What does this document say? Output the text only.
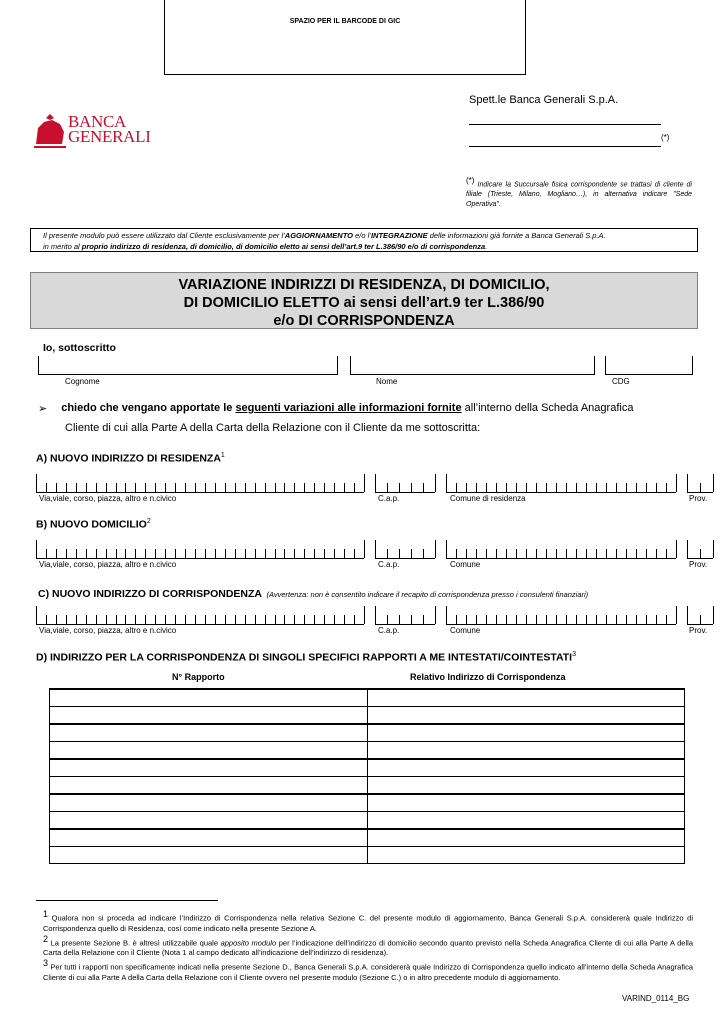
SPAZIO PER IL BARCODE DI GIC
BANCA
GENERALI
Spett.le Banca Generali S.p.A.
(*)
(*) Indicare la Succursale fisica corrispondente se trattasi di cliente di filiale (Trieste, Milano, Mogliano…), in alternativa indicare "Sede Operativa".
Il presente modulo può essere utilizzato dal Cliente esclusivamente per l’AGGIORNAMENTO e/o l’INTEGRAZIONE delle informazioni già fornite a Banca Generali S.p.A.
in merito al proprio indirizzo di residenza, di domicilio, di domicilio eletto ai sensi dell’art.9 ter L.386/90 e/o di corrispondenza.
VARIAZIONE INDIRIZZI DI RESIDENZA, DI DOMICILIO,
DI DOMICILIO ELETTO ai sensi dell’art.9 ter L.386/90
e/o DI CORRISPONDENZA
Io, sottoscritto
Cognome	Nome	CDG
➢ chiedo che vengano apportate le seguenti variazioni alle informazioni fornite all’interno della Scheda Anagrafica
Cliente di cui alla Parte A della Carta della Relazione con il Cliente da me sottoscritta:
A) NUOVO INDIRIZZO DI RESIDENZA$^1$
Via,viale, corso, piazza, altro e n.civico	C.a.p.	Comune di residenza	Prov.
B) NUOVO DOMICILIO$^2$
Via,viale, corso, piazza, altro e n.civico	C.a.p.	Comune	Prov.
C) NUOVO INDIRIZZO DI CORRISPONDENZA (Avvertenza: non è consentito indicare il recapito di corrispondenza presso i consulenti finanziari)
Via,viale, corso, piazza, altro e n.civico	C.a.p.	Comune	Prov.
D) INDIRIZZO PER LA CORRISPONDENZA DI SINGOLI SPECIFICI RAPPORTI A ME INTESTATI/COINTESTATI$^3$
N° Rapporto	Relativo Indirizzo di Corrispondenza

$^1$ Qualora non si proceda ad indicare l’Indirizzo di Corrispondenza nella relativa Sezione C. del presente modulo di aggiornamento, Banca Generali S.p.A. considererà quale Indirizzo di Corrispondenza quello di Residenza, così come indicato nella presente Sezione A.
$^2$ La presente Sezione B. è altresì utilizzabile quale apposito modulo per l’indicazione dell’indirizzo di domicilio secondo quanto previsto nella Scheda Anagrafica Cliente di cui alla Parte A della Carta della Relazione con il Cliente (Nota 1 al campo dedicato all’indicazione dell’indirizzo di residenza).
$^3$ Per tutti i rapporti non specificamente indicati nella presente Sezione D., Banca Generali S.p.A. considererà quale Indirizzo di Corrispondenza quello indicato all’interno della Scheda Anagrafica Cliente di cui alla Parte A della Carta della Relazione con il Cliente ovvero nel presente modulo (Sezione C.) o in altro precedente modulo di aggiornamento.
VARIND_0114_BG
